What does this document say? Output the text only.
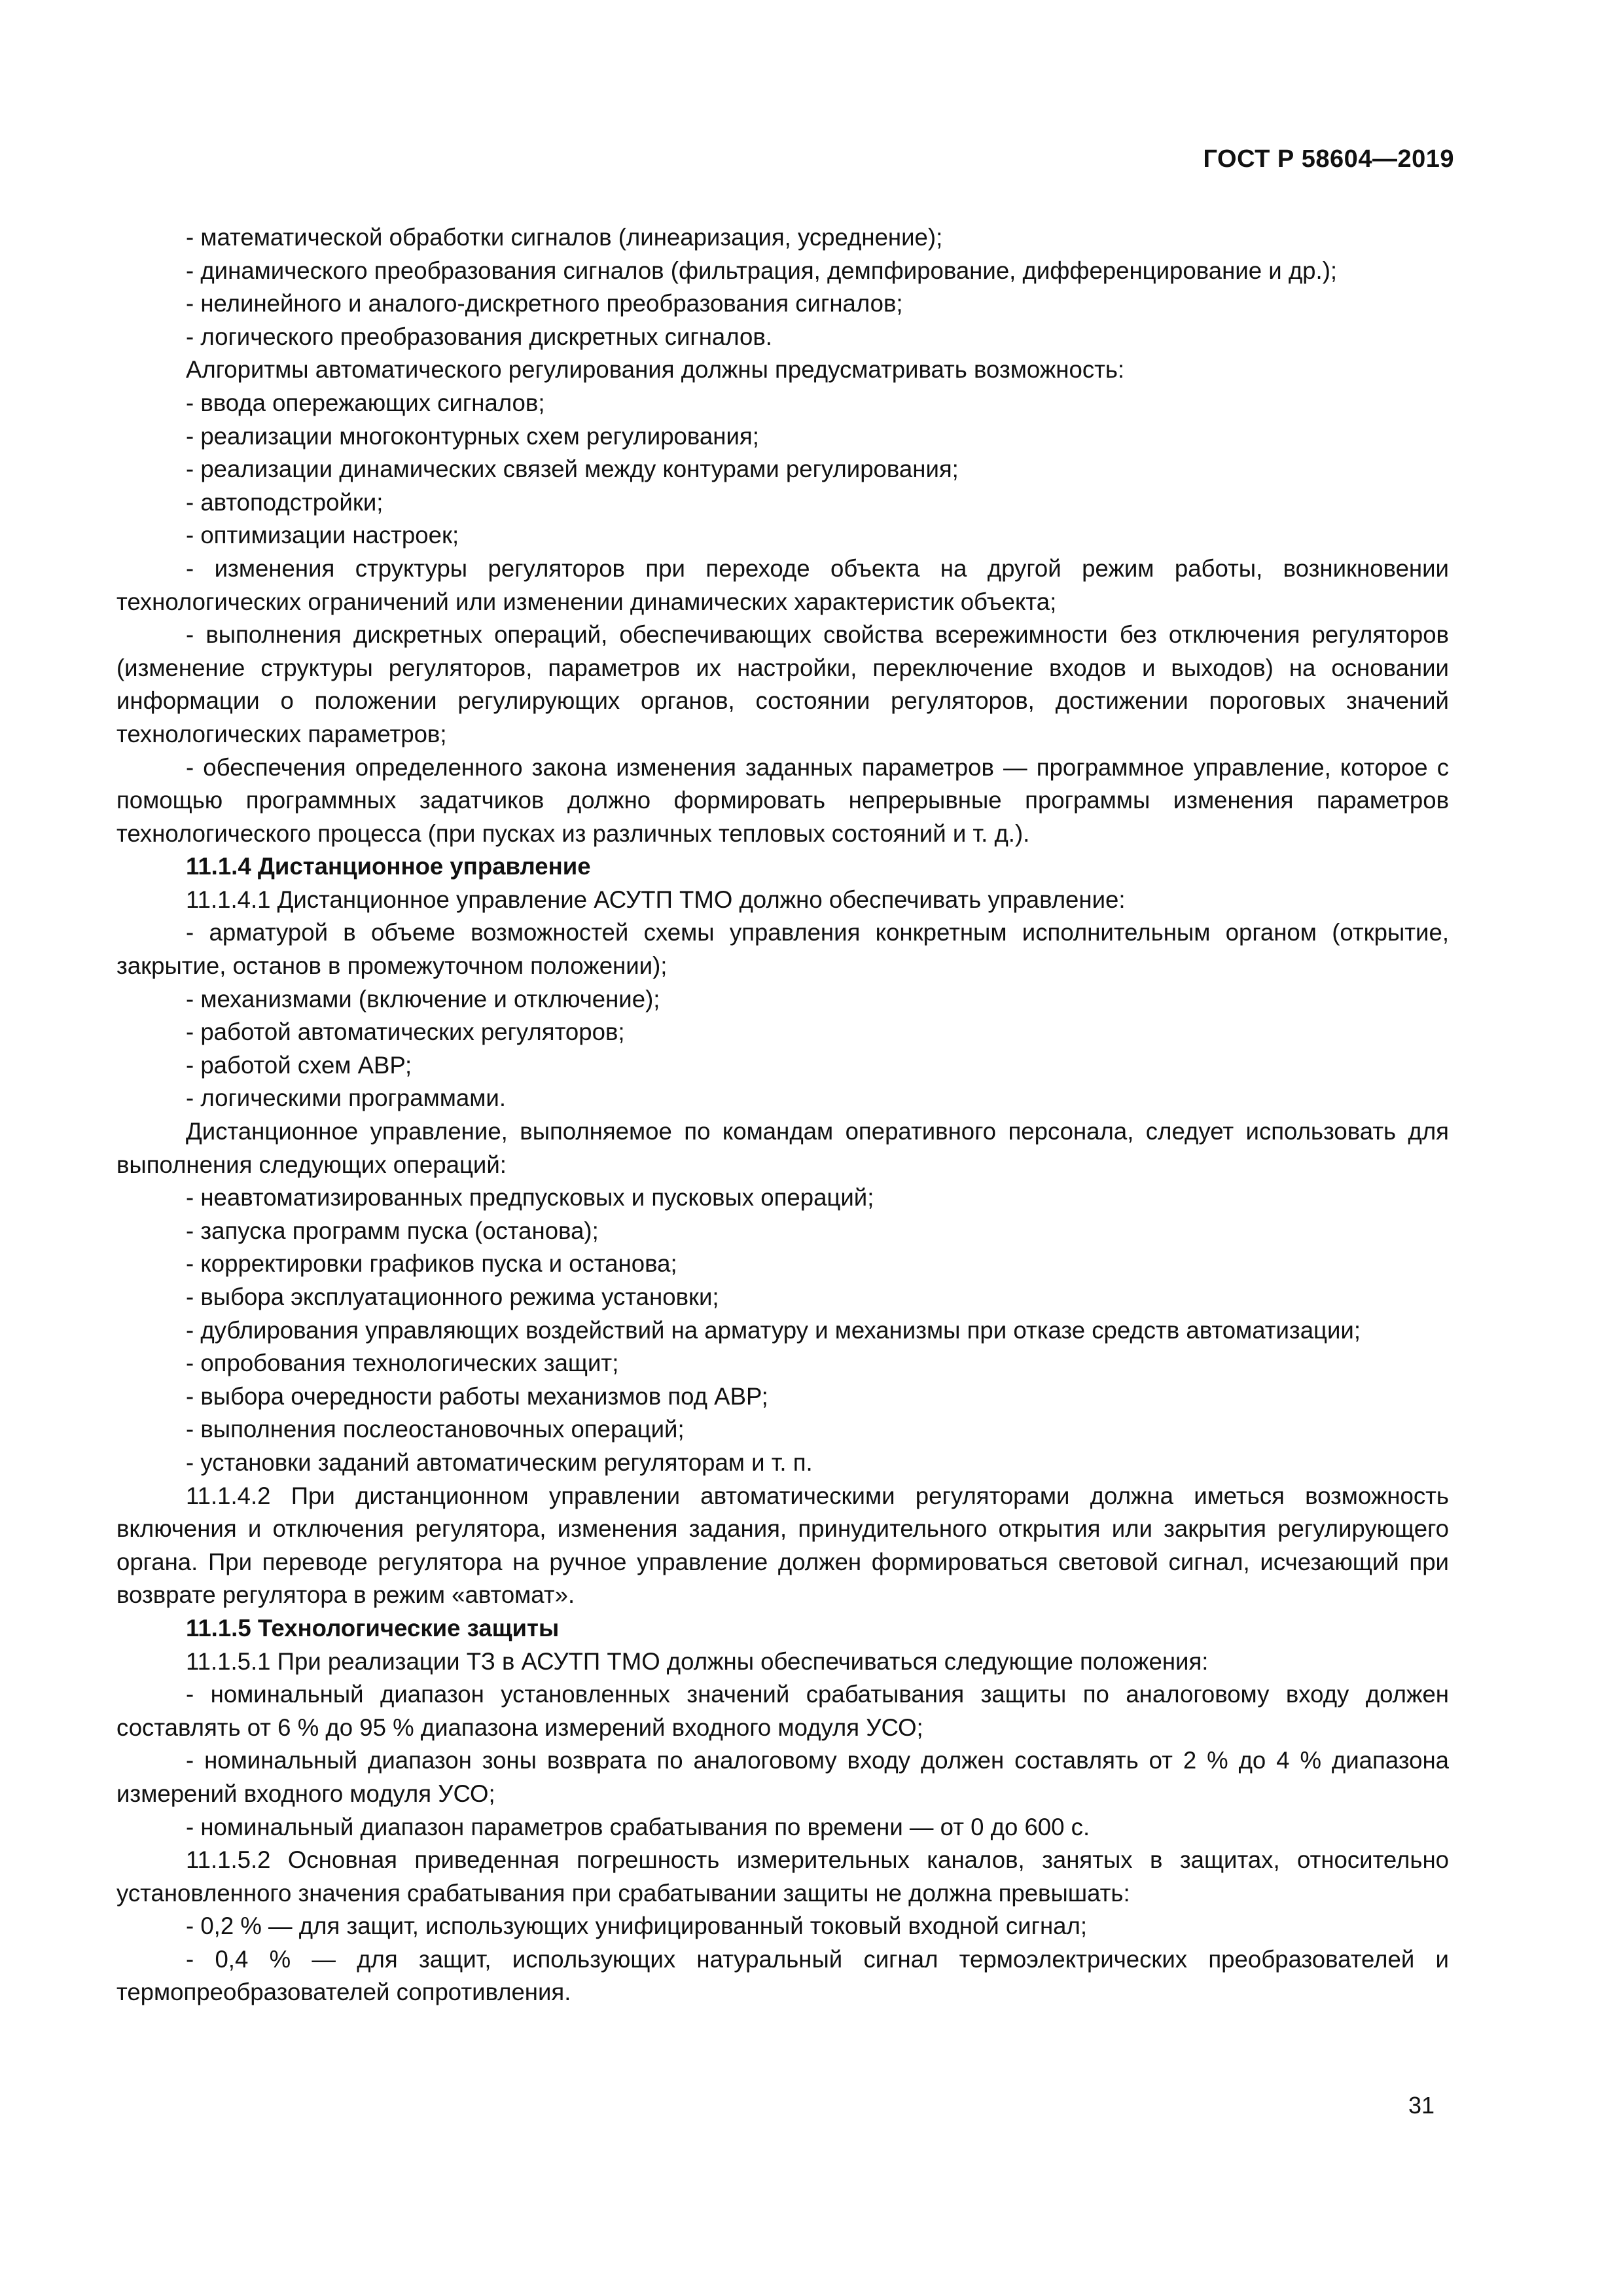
ГОСТ Р 58604—2019

- математической обработки сигналов (линеаризация, усреднение);

- динамического преобразования сигналов (фильтрация, демпфирование, дифференцирование и др.);

- нелинейного и аналого-дискретного преобразования сигналов;

- логического преобразования дискретных сигналов.

Алгоритмы автоматического регулирования должны предусматривать возможность:

- ввода опережающих сигналов;

- реализации многоконтурных схем регулирования;

- реализации динамических связей между контурами регулирования;

- автоподстройки;

- оптимизации настроек;

- изменения структуры регуляторов при переходе объекта на другой режим работы, возникновении технологических ограничений или изменении динамических характеристик объекта;

- выполнения дискретных операций, обеспечивающих свойства всережимности без отключения регуляторов (изменение структуры регуляторов, параметров их настройки, переключение входов и выходов) на основании информации о положении регулирующих органов, состоянии регуляторов, достижении пороговых значений технологических параметров;

- обеспечения определенного закона изменения заданных параметров — программное управление, которое с помощью программных задатчиков должно формировать непрерывные программы изменения параметров технологического процесса (при пусках из различных тепловых состояний и т. д.).

11.1.4 Дистанционное управление

11.1.4.1 Дистанционное управление АСУТП ТМО должно обеспечивать управление:

- арматурой в объеме возможностей схемы управления конкретным исполнительным органом (открытие, закрытие, останов в промежуточном положении);

- механизмами (включение и отключение);

- работой автоматических регуляторов;

- работой схем АВР;

- логическими программами.

Дистанционное управление, выполняемое по командам оперативного персонала, следует использовать для выполнения следующих операций:

- неавтоматизированных предпусковых и пусковых операций;

- запуска программ пуска (останова);

- корректировки графиков пуска и останова;

- выбора эксплуатационного режима установки;

- дублирования управляющих воздействий на арматуру и механизмы при отказе средств автоматизации;

- опробования технологических защит;

- выбора очередности работы механизмов под АВР;

- выполнения послеостановочных операций;

- установки заданий автоматическим регуляторам и т. п.

11.1.4.2 При дистанционном управлении автоматическими регуляторами должна иметься возможность включения и отключения регулятора, изменения задания, принудительного открытия или закрытия регулирующего органа. При переводе регулятора на ручное управление должен формироваться световой сигнал, исчезающий при возврате регулятора в режим «автомат».

11.1.5 Технологические защиты

11.1.5.1 При реализации ТЗ в АСУТП ТМО должны обеспечиваться следующие положения:

- номинальный диапазон установленных значений срабатывания защиты по аналоговому входу должен составлять от 6 % до 95 % диапазона измерений входного модуля УСО;

- номинальный диапазон зоны возврата по аналоговому входу должен составлять от 2 % до 4 % диапазона измерений входного модуля УСО;

- номинальный диапазон параметров срабатывания по времени — от 0 до 600 с.

11.1.5.2 Основная приведенная погрешность измерительных каналов, занятых в защитах, относительно установленного значения срабатывания при срабатывании защиты не должна превышать:

- 0,2 % — для защит, использующих унифицированный токовый входной сигнал;

- 0,4 % — для защит, использующих натуральный сигнал термоэлектрических преобразователей и термопреобразователей сопротивления.

31
